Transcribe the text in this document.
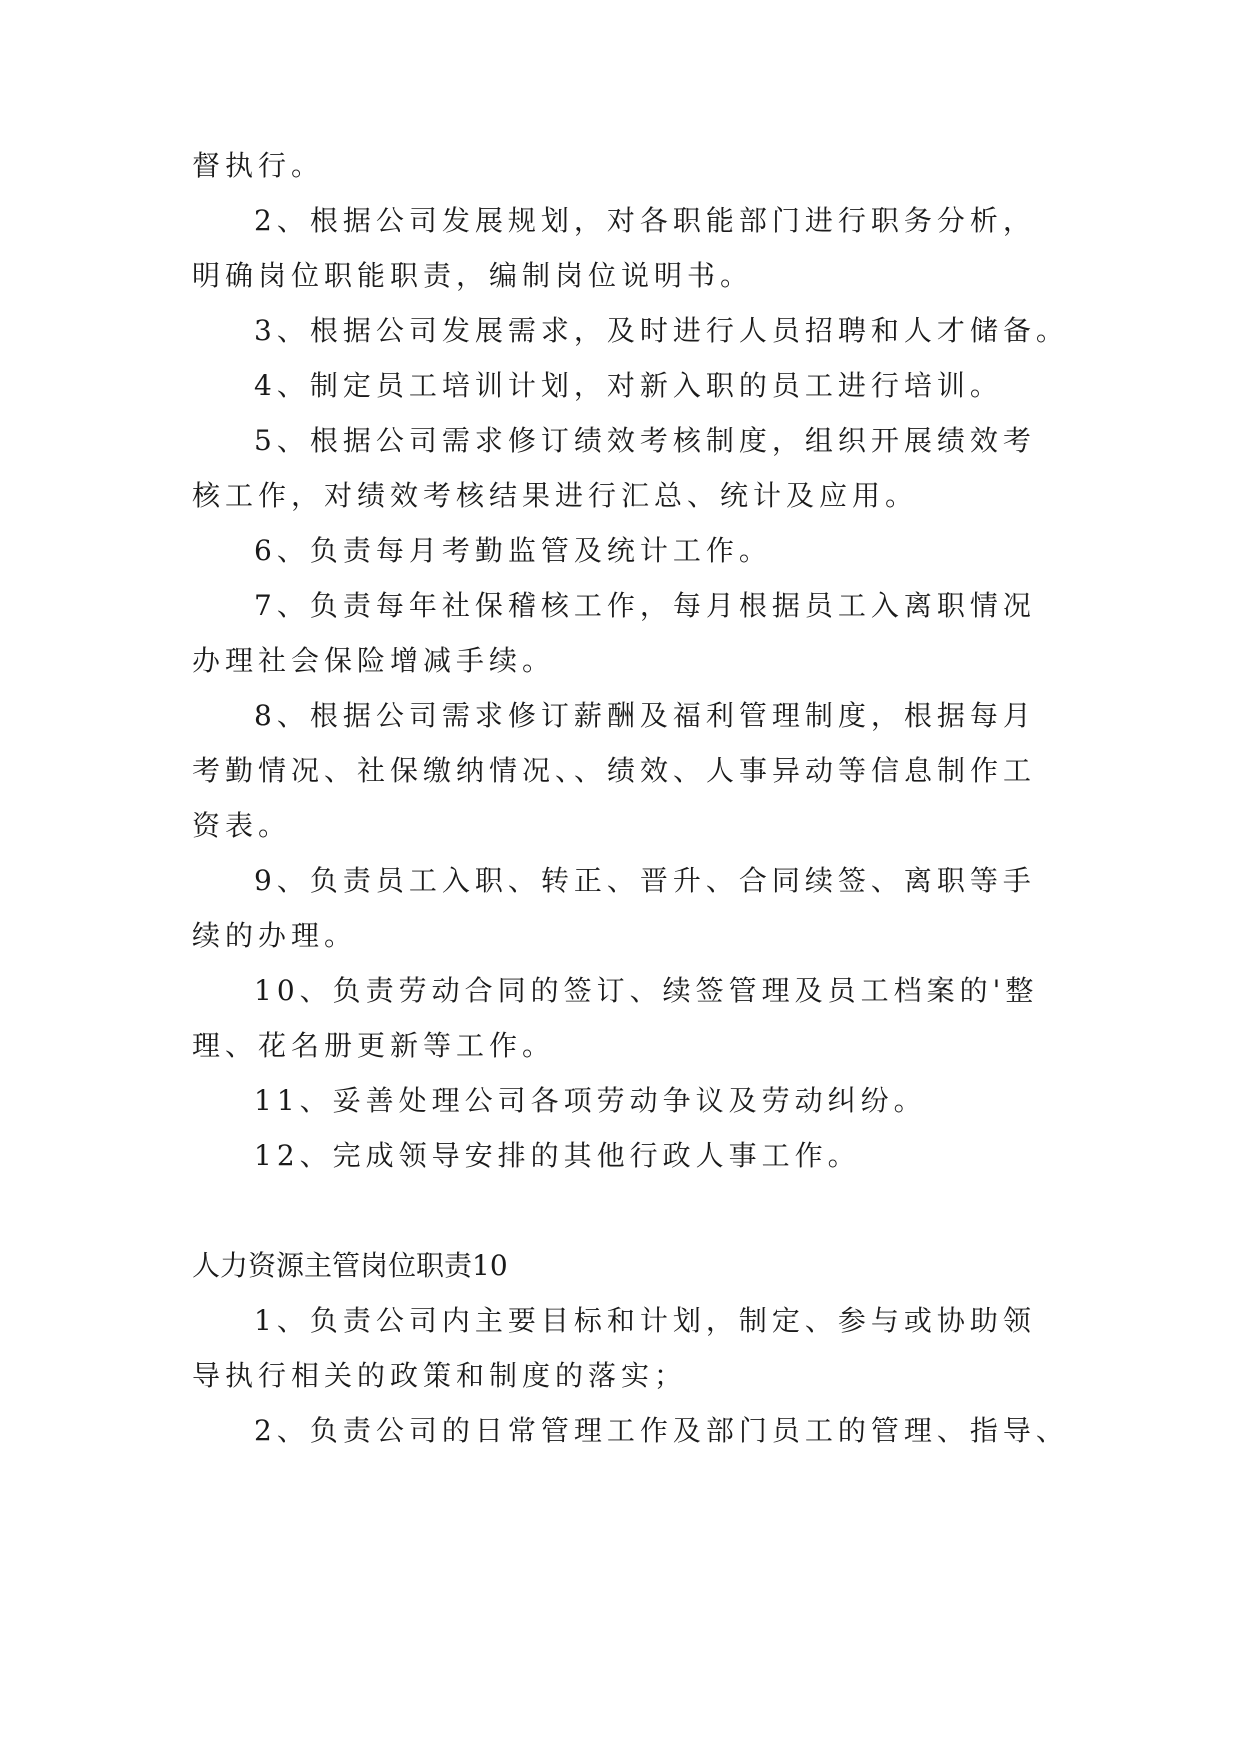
督执行。
2、根据公司发展规划，对各职能部门进行职务分析，
明确岗位职能职责，编制岗位说明书。
3、根据公司发展需求，及时进行人员招聘和人才储备。
4、制定员工培训计划，对新入职的员工进行培训。
5、根据公司需求修订绩效考核制度，组织开展绩效考
核工作，对绩效考核结果进行汇总、统计及应用。
6、负责每月考勤监管及统计工作。
7、负责每年社保稽核工作，每月根据员工入离职情况
办理社会保险增减手续。
8、根据公司需求修订薪酬及福利管理制度，根据每月
考勤情况、社保缴纳情况、、绩效、人事异动等信息制作工
资表。
9、负责员工入职、转正、晋升、合同续签、离职等手
续的办理。
10、负责劳动合同的签订、续签管理及员工档案的'整
理、花名册更新等工作。
11、妥善处理公司各项劳动争议及劳动纠纷。
12、完成领导安排的其他行政人事工作。
人力资源主管岗位职责10
1、负责公司内主要目标和计划，制定、参与或协助领
导执行相关的政策和制度的落实；
2、负责公司的日常管理工作及部门员工的管理、指导、
